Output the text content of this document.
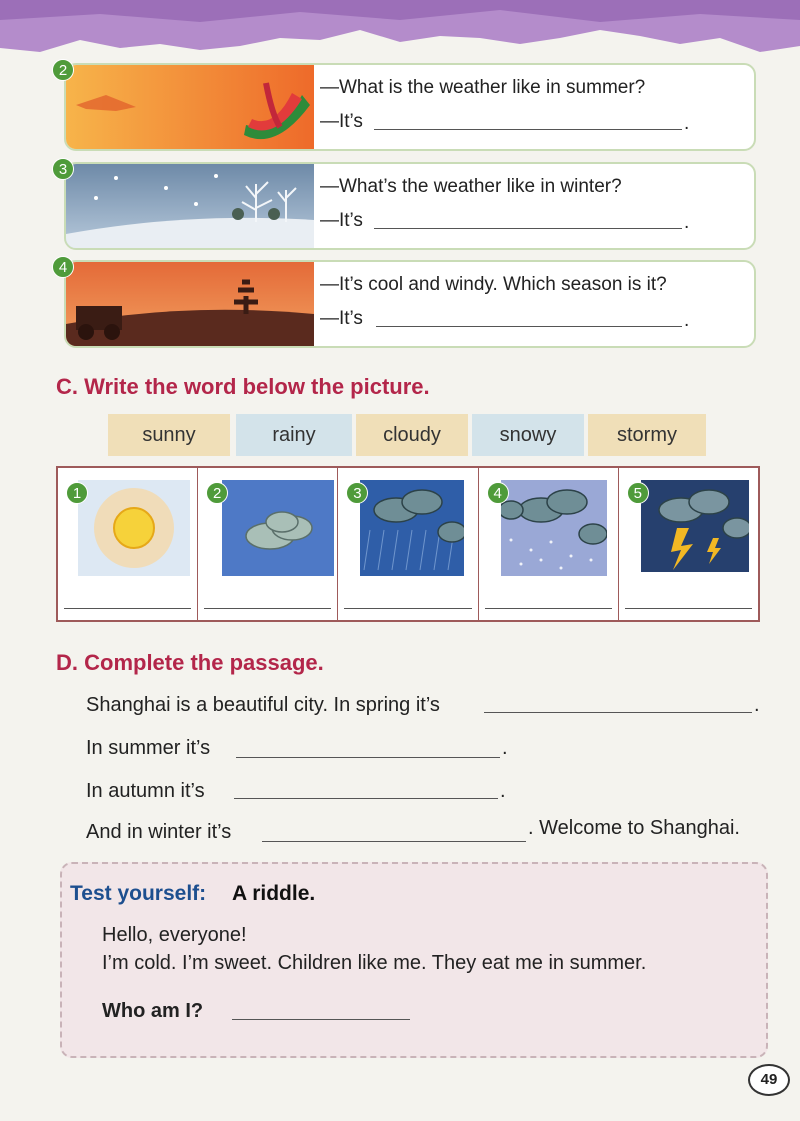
2
—What is the weather like in summer?
—It’s	.
3
—What’s the weather like in winter?
—It’s	.
4
—It’s cool and windy. Which season is it?
—It’s	.
C. Write the word below the picture.
sunny	rainy	cloudy	snowy	stormy
1	2	3	4	5
D. Complete the passage.
Shanghai is a beautiful city. In spring it’s	.
In summer it’s	.
In autumn it’s	.
And in winter it’s	. Welcome to Shanghai.
Test yourself: A riddle.
Hello, everyone!
I’m cold. I’m sweet. Children like me. They eat me in summer.
Who am I?
49
